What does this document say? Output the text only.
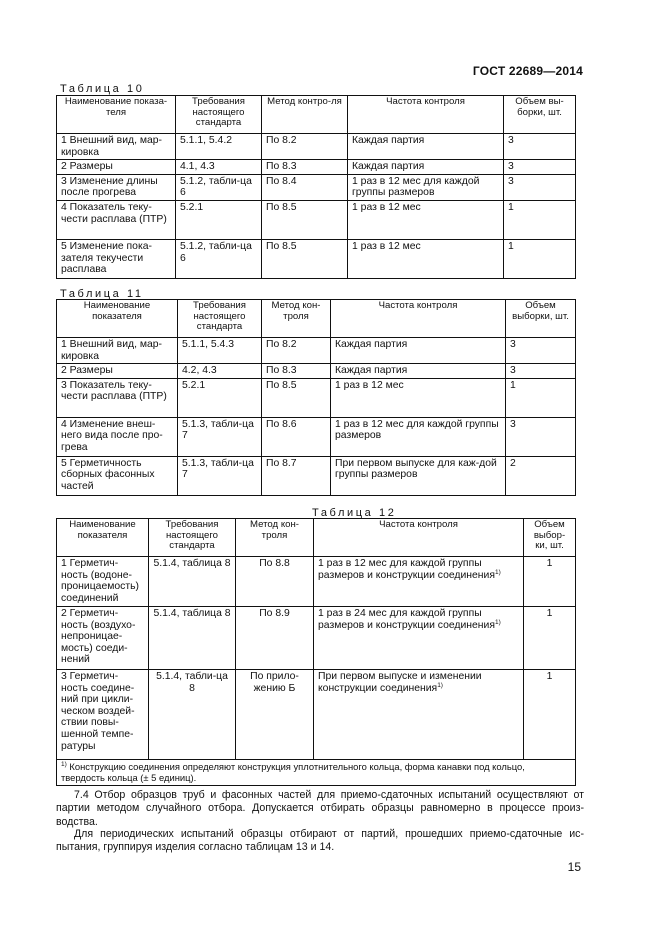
ГОСТ 22689—2014
Таблица 10
Наименование показа-теля	Требования настоящего стандарта	Метод контро-ля	Частота контроля	Объем вы-борки, шт.
1 Внешний вид, мар-кировка	5.1.1, 5.4.2	По 8.2	Каждая партия	3
2 Размеры	4.1, 4.3	По 8.3	Каждая партия	3
3 Изменение длины после прогрева	5.1.2, табли-ца 6	По 8.4	1 раз в 12 мес для каждой группы размеров	3
4 Показатель теку-чести расплава (ПТР)	5.2.1	По 8.5	1 раз в 12 мес	1
5 Изменение пока-зателя текучести расплава	5.1.2, табли-ца 6	По 8.5	1 раз в 12 мес	1
Таблица 11
Наименование показателя	Требования настоящего стандарта	Метод кон-троля	Частота контроля	Объем выборки, шт.
1 Внешний вид, мар-кировка	5.1.1, 5.4.3	По 8.2	Каждая партия	3
2 Размеры	4.2, 4.3	По 8.3	Каждая партия	3
3 Показатель теку-чести расплава (ПТР)	5.2.1	По 8.5	1 раз в 12 мес	1
4 Изменение внеш-него вида после про-грева	5.1.3, табли-ца 7	По 8.6	1 раз в 12 мес для каждой группы размеров	3
5 Герметичность сборных фасонных частей	5.1.3, табли-ца 7	По 8.7	При первом выпуске для каж-дой группы размеров	2
Таблица 12
Наименование показателя	Требования настоящего стандарта	Метод кон-троля	Частота контроля	Объем выбор-ки, шт.
1 Герметич-ность (водоне-проницаемость) соединений	5.1.4, таблица 8	По 8.8	1 раз в 12 мес для каждой группы размеров и конструкции соединения$^{1)}$	1
2 Герметич-ность (воздухо-непроницае-мость) соеди-нений	5.1.4, таблица 8	По 8.9	1 раз в 24 мес для каждой группы размеров и конструкции соединения$^{1)}$	1
3 Герметич-ность соедине-ний при цикли-ческом воздей-ствии повы-шенной темпе-ратуры	5.1.4, табли-ца 8	По прило-жению Б	При первом выпуске и изменении конструкции соединения$^{1)}$	1
$^{1)}$ Конструкцию соединения определяют конструкция уплотнительного кольца, форма канавки под кольцо, твердость кольца (± 5 единиц).				
7.4 Отбор образцов труб и фасонных частей для приемо-сдаточных испытаний осуществляют от партии методом случайного отбора. Допускается отбирать образцы равномерно в процессе произ-водства.
Для периодических испытаний образцы отбирают от партий, прошедших приемо-сдаточные ис-пытания, группируя изделия согласно таблицам 13 и 14.
15
